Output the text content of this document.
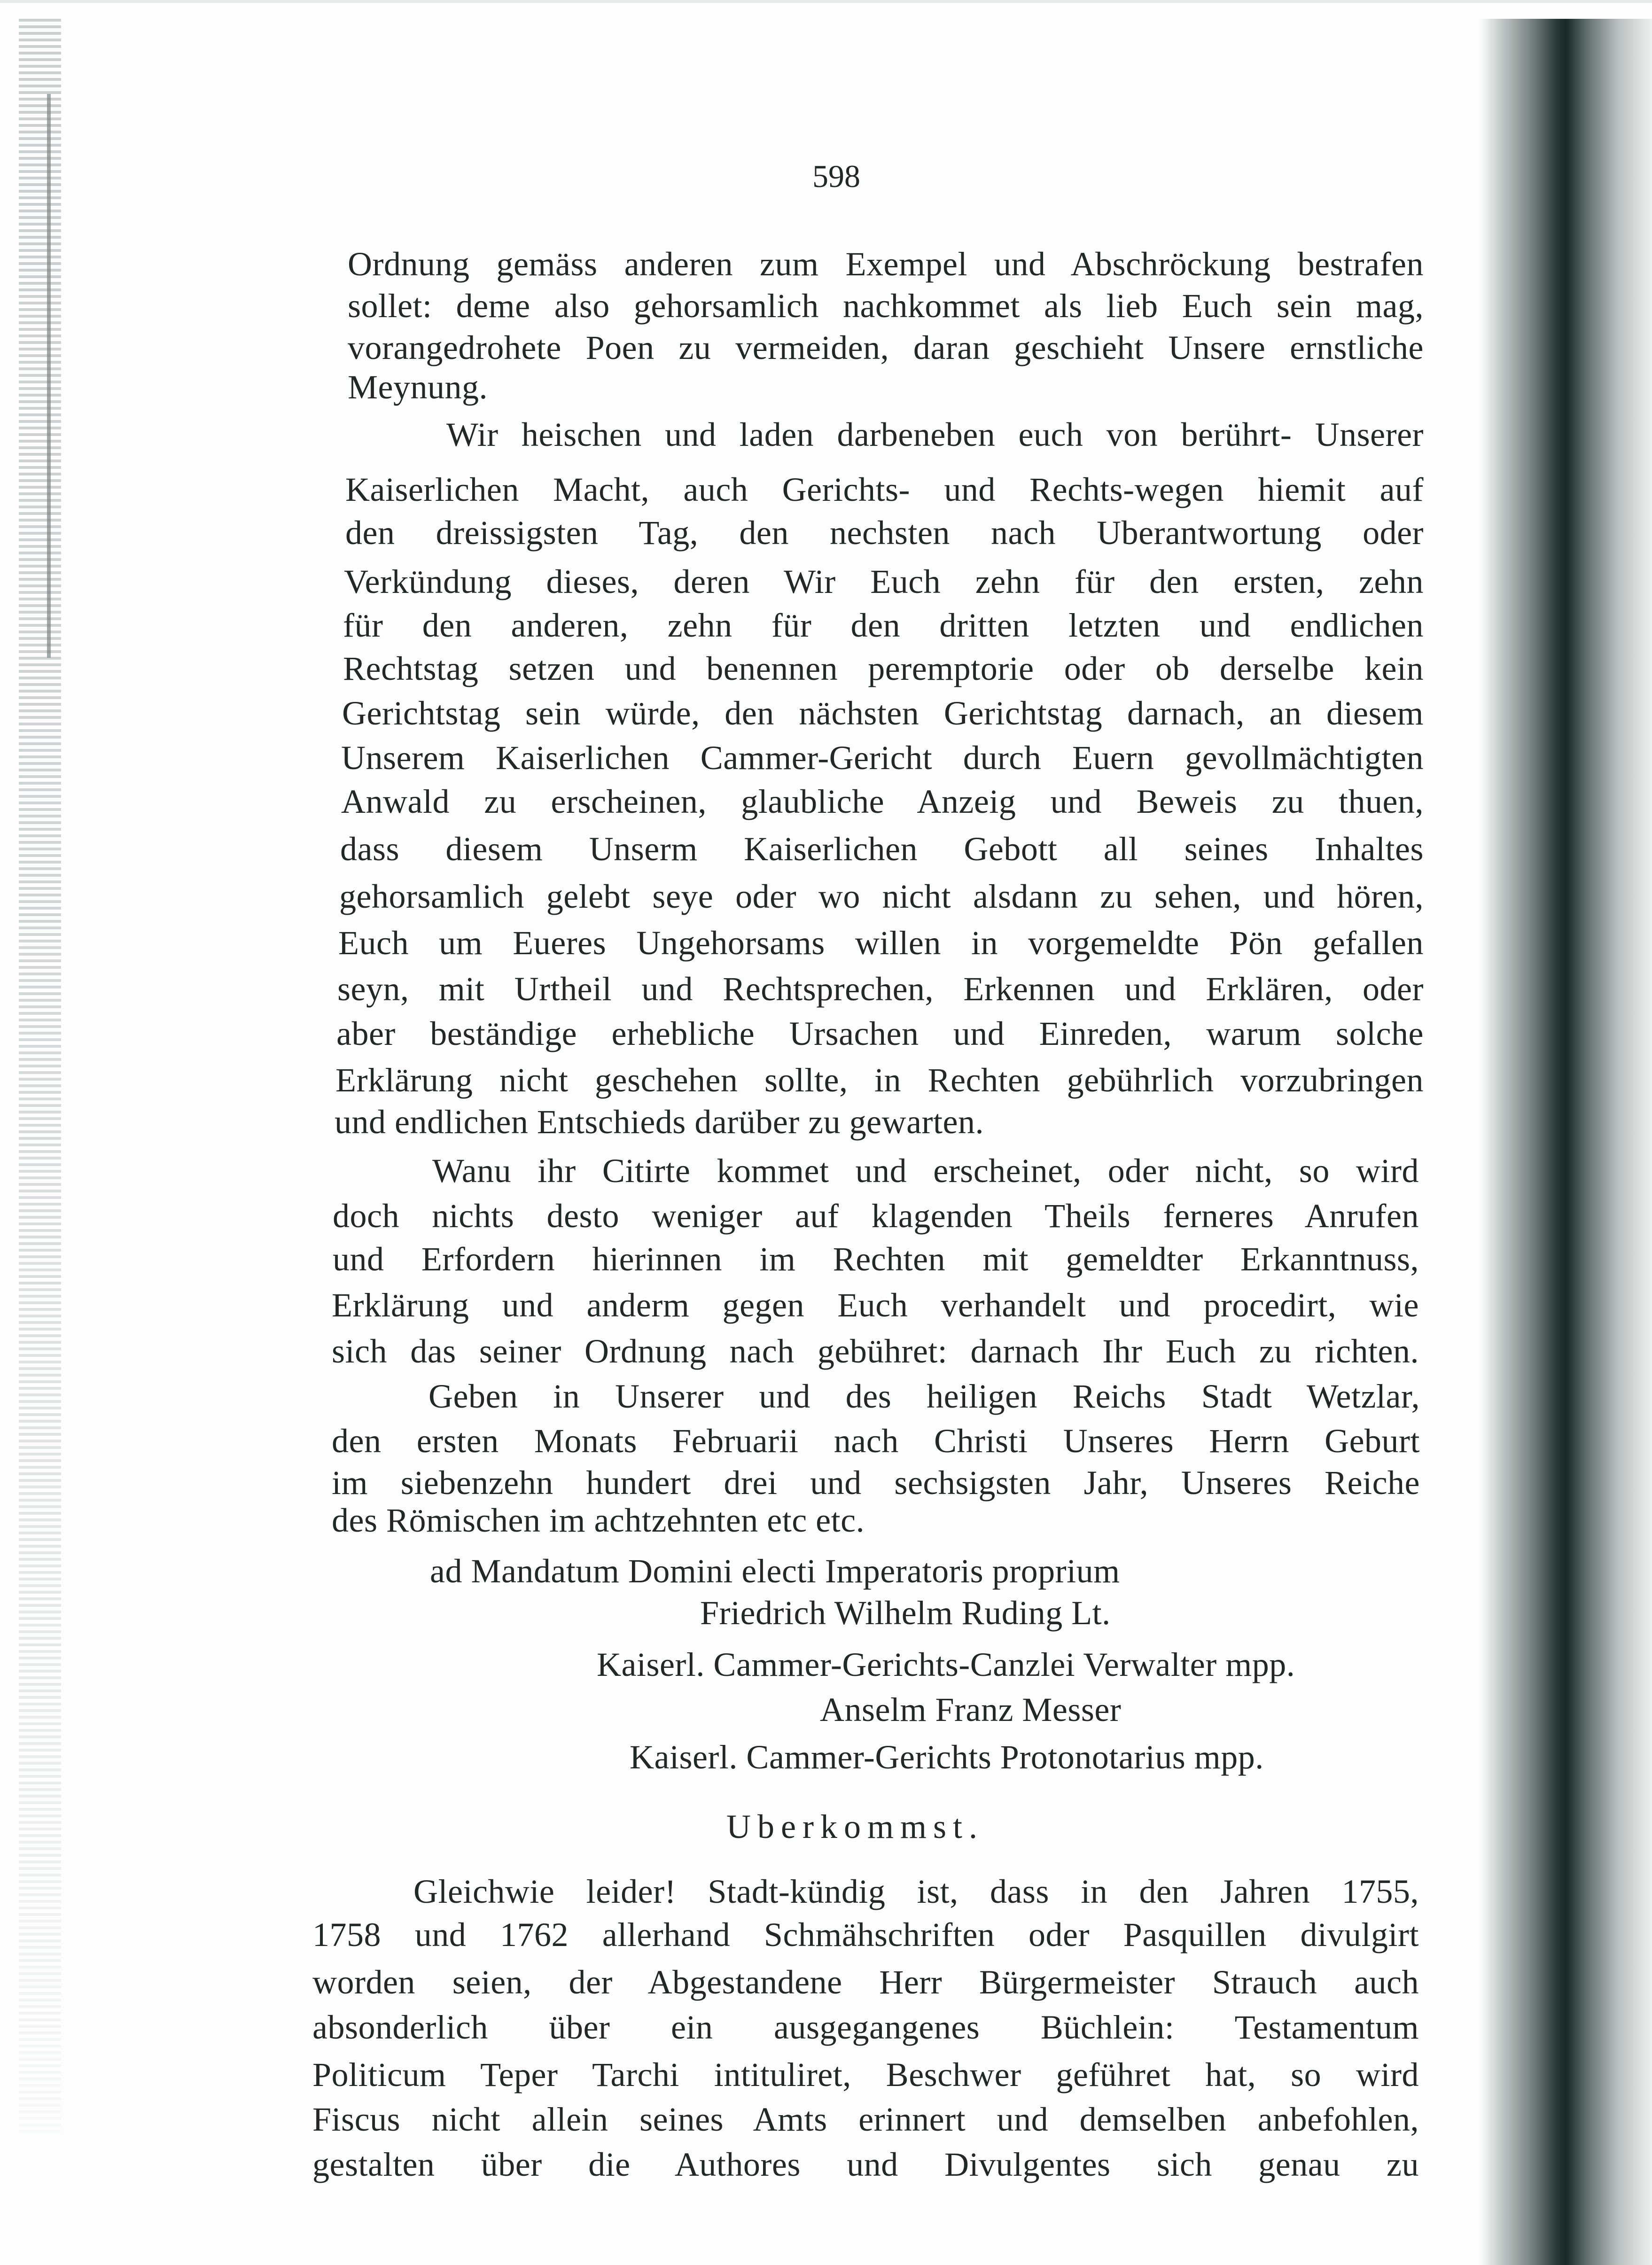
598
Ordnung gemäss anderen zum Exempel und Abschröckung bestrafen
sollet: deme also gehorsamlich nachkommet als lieb Euch sein mag,
vorangedrohete Poen zu vermeiden, daran geschieht Unsere ernstliche
Meynung.
Wir heischen und laden darbeneben euch von berührt- Unserer
Kaiserlichen Macht, auch Gerichts- und Rechts-wegen hiemit auf
den dreissigsten Tag, den nechsten nach Uberantwortung oder
Verkündung dieses, deren Wir Euch zehn für den ersten, zehn
für den anderen, zehn für den dritten letzten und endlichen
Rechtstag setzen und benennen peremptorie oder ob derselbe kein
Gerichtstag sein würde, den nächsten Gerichtstag darnach, an diesem
Unserem Kaiserlichen Cammer-Gericht durch Euern gevollmächtigten
Anwald zu erscheinen, glaubliche Anzeig und Beweis zu thuen,
dass diesem Unserm Kaiserlichen Gebott all seines Inhaltes
gehorsamlich gelebt seye oder wo nicht alsdann zu sehen, und hören,
Euch um Eueres Ungehorsams willen in vorgemeldte Pön gefallen
seyn, mit Urtheil und Rechtsprechen, Erkennen und Erklären, oder
aber beständige erhebliche Ursachen und Einreden, warum solche
Erklärung nicht geschehen sollte, in Rechten gebührlich vorzubringen
und endlichen Entschieds darüber zu gewarten.
Wanu ihr Citirte kommet und erscheinet, oder nicht, so wird
doch nichts desto weniger auf klagenden Theils ferneres Anrufen
und Erfordern hierinnen im Rechten mit gemeldter Erkanntnuss,
Erklärung und anderm gegen Euch verhandelt und procedirt, wie
sich das seiner Ordnung nach gebühret: darnach Ihr Euch zu richten.
Geben in Unserer und des heiligen Reichs Stadt Wetzlar,
den ersten Monats Februarii nach Christi Unseres Herrn Geburt
im siebenzehn hundert drei und sechsigsten Jahr, Unseres Reiche
des Römischen im achtzehnten etc etc.
ad Mandatum Domini electi Imperatoris proprium
Friedrich Wilhelm Ruding Lt.
Kaiserl. Cammer-Gerichts-Canzlei Verwalter mpp.
Anselm Franz Messer
Kaiserl. Cammer-Gerichts Protonotarius mpp.
Uberkommst.
Gleichwie leider! Stadt-kündig ist, dass in den Jahren 1755,
1758 und 1762 allerhand Schmähschriften oder Pasquillen divulgirt
worden seien, der Abgestandene Herr Bürgermeister Strauch auch
absonderlich über ein ausgegangenes Büchlein: Testamentum
Politicum Teper Tarchi intituliret, Beschwer geführet hat, so wird
Fiscus nicht allein seines Amts erinnert und demselben anbefohlen,
gestalten über die Authores und Divulgentes sich genau zu
